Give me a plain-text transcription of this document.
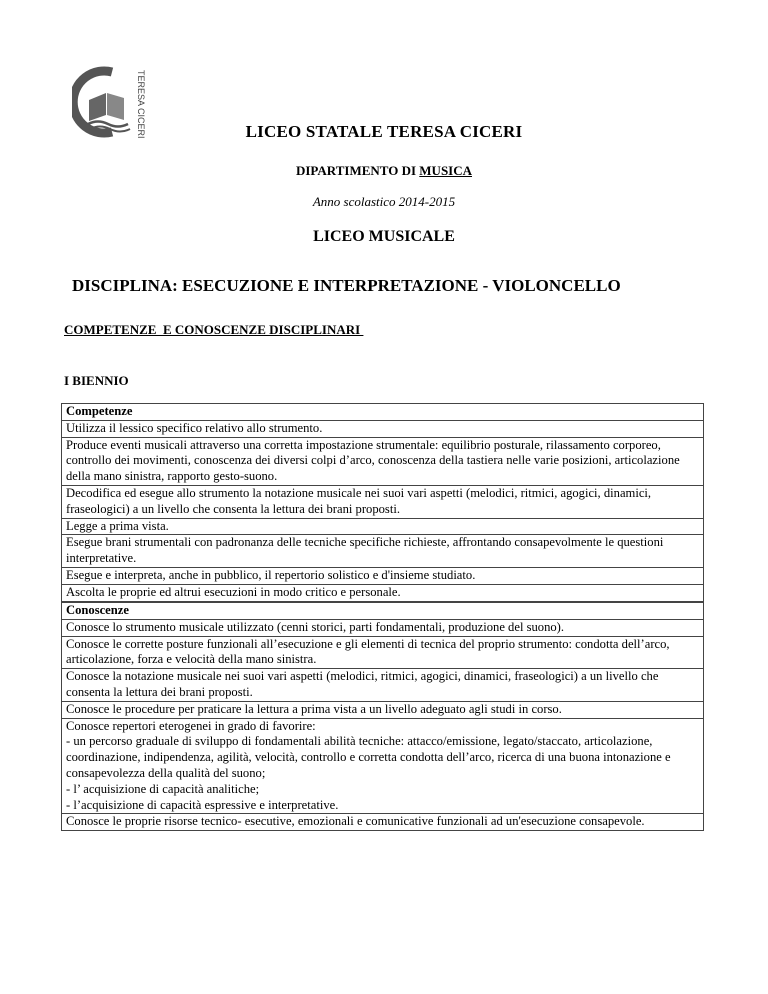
TERESA CICERI	LICEO STATALE TERESA CICERI
DIPARTIMENTO DI MUSICA
Anno scolastico 2014-2015
LICEO MUSICALE
DISCIPLINA: ESECUZIONE E INTERPRETAZIONE - VIOLONCELLO
COMPETENZE  E CONOSCENZE DISCIPLINARI
I BIENNIO
Competenze
Utilizza il lessico specifico relativo allo strumento.
Produce eventi musicali attraverso una corretta impostazione strumentale: equilibrio posturale, rilassamento corporeo, controllo dei movimenti, conoscenza dei diversi colpi d’arco, conoscenza della tastiera nelle varie posizioni, articolazione della mano sinistra, rapporto gesto-suono.
Decodifica ed esegue allo strumento la notazione musicale nei suoi vari aspetti (melodici, ritmici, agogici, dinamici, fraseologici) a un livello che consenta la lettura dei brani proposti.
Legge a prima vista.
Esegue brani strumentali con padronanza delle tecniche specifiche richieste, affrontando consapevolmente le questioni interpretative.
Esegue e interpreta, anche in pubblico, il repertorio solistico e d'insieme studiato.
Ascolta le proprie ed altrui esecuzioni in modo critico e personale.
Conoscenze
Conosce lo strumento musicale utilizzato (cenni storici, parti fondamentali, produzione del suono).
Conosce le corrette posture funzionali all’esecuzione e gli elementi di tecnica del proprio strumento: condotta dell’arco, articolazione, forza e velocità della mano sinistra.
Conosce la notazione musicale nei suoi vari aspetti (melodici, ritmici, agogici, dinamici, fraseologici) a un livello che consenta la lettura dei brani proposti.
Conosce le procedure per praticare la lettura a prima vista a un livello adeguato agli studi in corso.
Conosce repertori eterogenei in grado di favorire:
- un percorso graduale di sviluppo di fondamentali abilità tecniche: attacco/emissione, legato/staccato, articolazione, coordinazione, indipendenza, agilità, velocità, controllo e corretta condotta dell’arco, ricerca di una buona intonazione e consapevolezza della qualità del suono;
- l’ acquisizione di capacità analitiche;
- l’acquisizione di capacità espressive e interpretative.
Conosce le proprie risorse tecnico- esecutive, emozionali e comunicative funzionali ad un'esecuzione consapevole.
